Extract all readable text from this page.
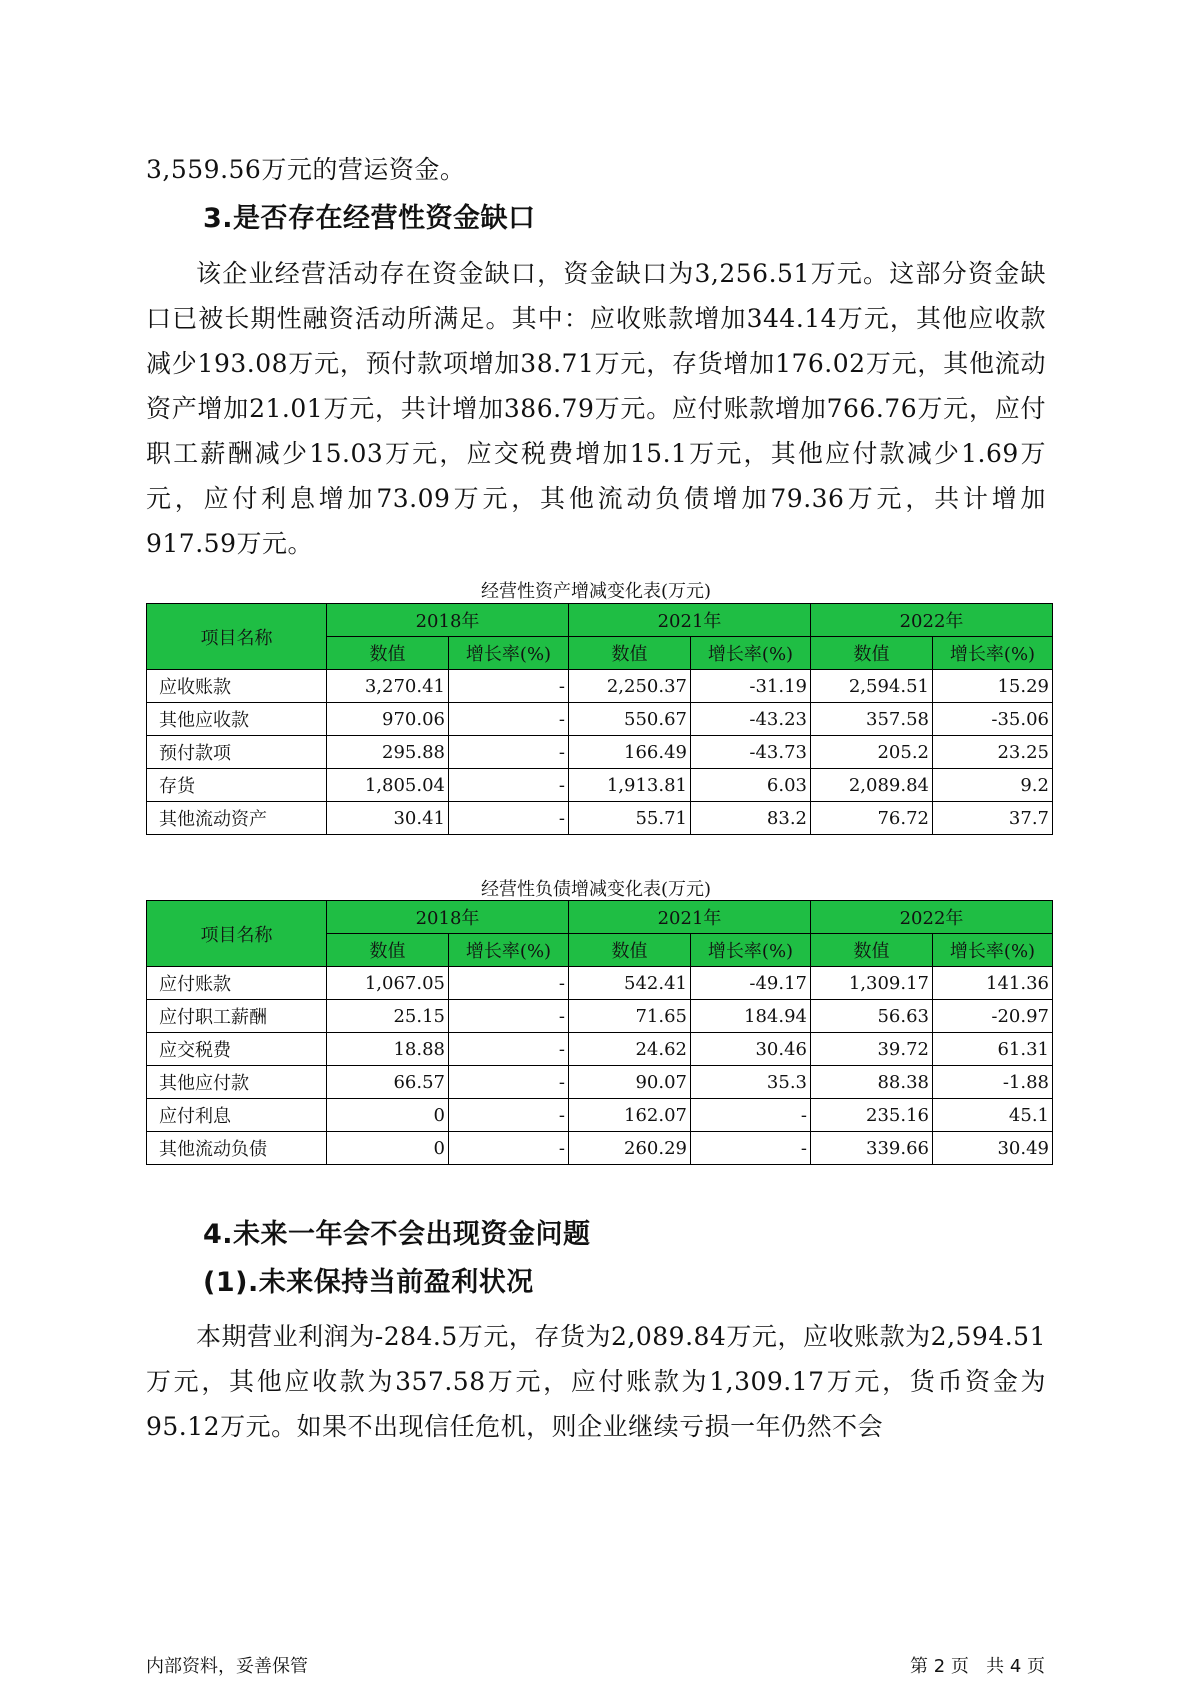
3,559.56万元的营运资金。

3.是否存在经营性资金缺口

该企业经营活动存在资金缺口，资金缺口为3,256.51万元。这部分资金缺口已被长期性融资活动所满足。其中：应收账款增加344.14万元，其他应收款减少193.08万元，预付款项增加38.71万元，存货增加176.02万元，其他流动资产增加21.01万元，共计增加386.79万元。应付账款增加766.76万元，应付职工薪酬减少15.03万元，应交税费增加15.1万元，其他应付款减少1.69万元，应付利息增加73.09万元，其他流动负债增加79.36万元，共计增加917.59万元。

经营性资产增减变化表(万元)
项目名称	2018年		2021年		2022年	
	数值	增长率(%)	数值	增长率(%)	数值	增长率(%)
应收账款	3,270.41	-	2,250.37	-31.19	2,594.51	15.29
其他应收款	970.06	-	550.67	-43.23	357.58	-35.06
预付款项	295.88	-	166.49	-43.73	205.2	23.25
存货	1,805.04	-	1,913.81	6.03	2,089.84	9.2
其他流动资产	30.41	-	55.71	83.2	76.72	37.7
经营性负债增减变化表(万元)
项目名称	2018年		2021年		2022年	
	数值	增长率(%)	数值	增长率(%)	数值	增长率(%)
应付账款	1,067.05	-	542.41	-49.17	1,309.17	141.36
应付职工薪酬	25.15	-	71.65	184.94	56.63	-20.97
应交税费	18.88	-	24.62	30.46	39.72	61.31
其他应付款	66.57	-	90.07	35.3	88.38	-1.88
应付利息	0	-	162.07	-	235.16	45.1
其他流动负债	0	-	260.29	-	339.66	30.49
4.未来一年会不会出现资金问题
(1).未来保持当前盈利状况

本期营业利润为-284.5万元，存货为2,089.84万元，应收账款为2,594.51万元，其他应收款为357.58万元，应付账款为1,309.17万元，货币资金为95.12万元。如果不出现信任危机，则企业继续亏损一年仍然不会

内部资料，妥善保管	第 2 页   共 4 页
